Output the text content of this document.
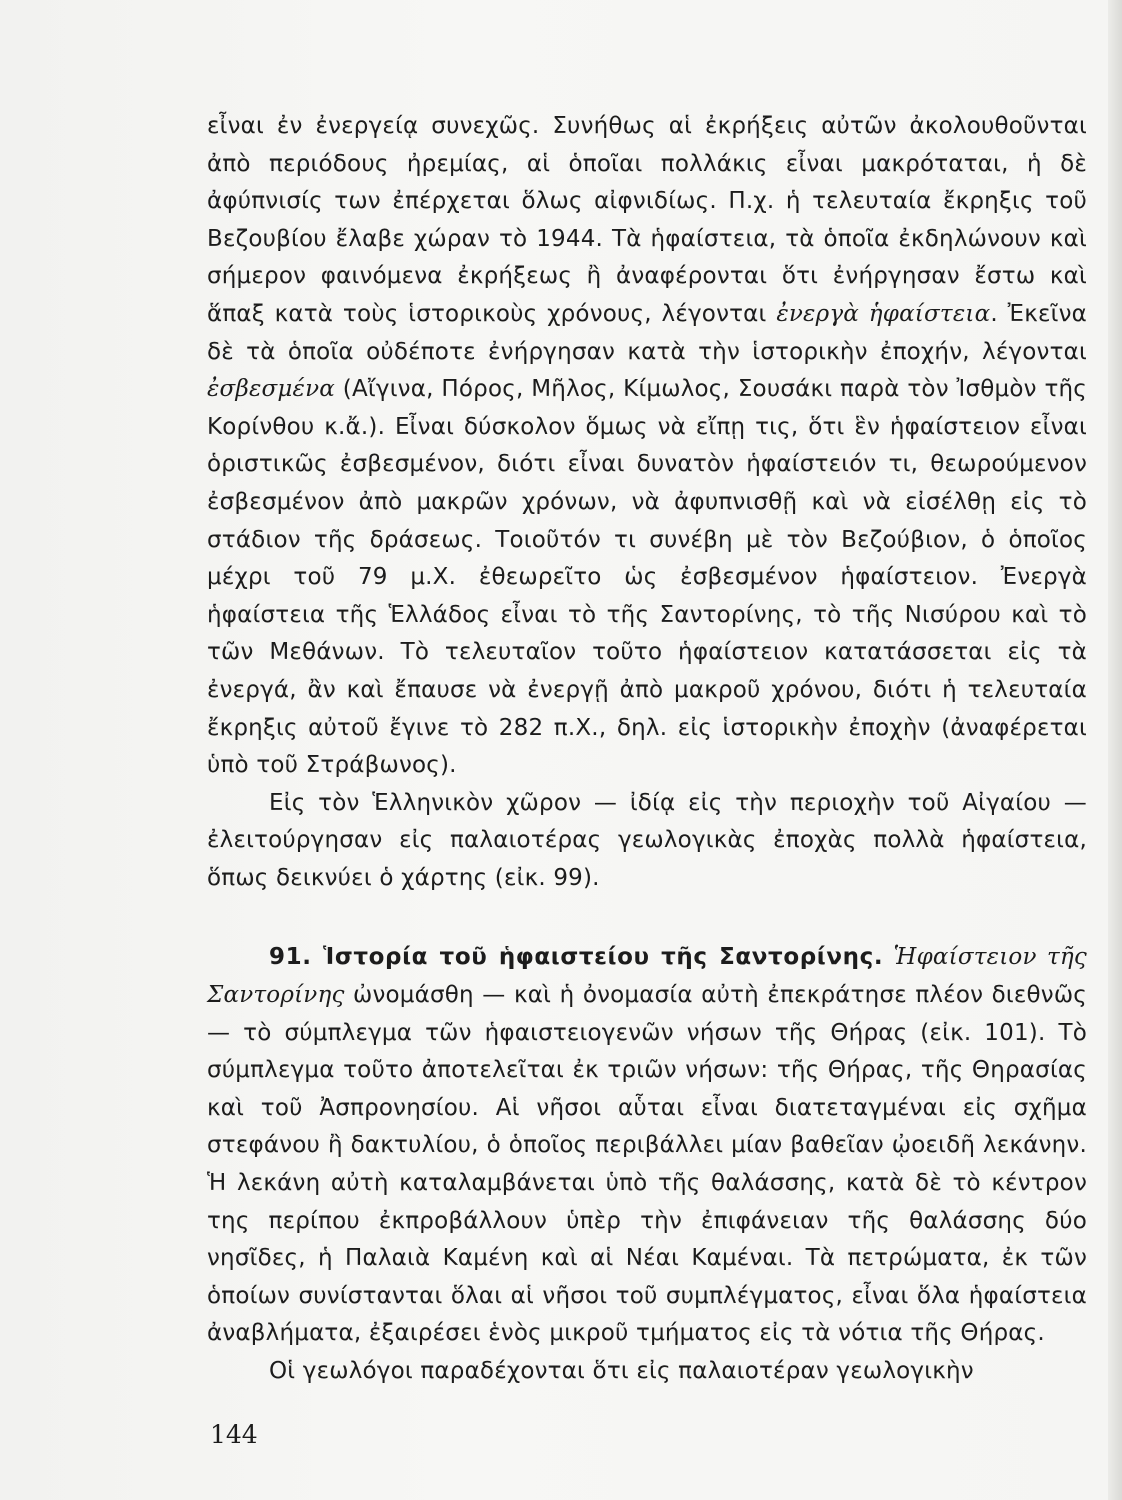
εἶναι ἐν ἐνεργείᾳ συνεχῶς. Συνήθως αἱ ἐκρήξεις αὐτῶν ἀκολουθοῦνται ἀπὸ περιόδους ἠρεμίας, αἱ ὁποῖαι πολλάκις εἶναι μακρόταται, ἡ δὲ ἀφύπνισίς των ἐπέρχεται ὅλως αἰφνιδίως. Π.χ. ἡ τελευταία ἔκρηξις τοῦ Βεζουβίου ἔλαβε χώραν τὸ 1944. Τὰ ἡφαίστεια, τὰ ὁποῖα ἐκδηλώνουν καὶ σήμερον φαινόμενα ἐκρήξεως ἢ ἀναφέρονται ὅτι ἐνήργησαν ἔστω καὶ ἅπαξ κατὰ τοὺς ἱστορικοὺς χρόνους, λέγονται ἐνεργὰ ἡφαίστεια. Ἐκεῖνα δὲ τὰ ὁποῖα οὐδέποτε ἐνήργησαν κατὰ τὴν ἱστορικὴν ἐποχήν, λέγονται ἐσβεσμένα (Αἴγινα, Πόρος, Μῆλος, Κίμωλος, Σουσάκι παρὰ τὸν Ἰσθμὸν τῆς Κορίνθου κ.ἄ.). Εἶναι δύσκολον ὅμως νὰ εἴπῃ τις, ὅτι ἓν ἡφαίστειον εἶναι ὁριστικῶς ἐσβεσμένον, διότι εἶναι δυνατὸν ἡφαίστειόν τι, θεωρούμενον ἐσβεσμένον ἀπὸ μακρῶν χρόνων, νὰ ἀφυπνισθῇ καὶ νὰ εἰσέλθῃ εἰς τὸ στάδιον τῆς δράσεως. Τοιοῦτόν τι συνέβη μὲ τὸν Βεζούβιον, ὁ ὁποῖος μέχρι τοῦ 79 μ.Χ. ἐθεωρεῖτο ὡς ἐσβεσμένον ἡφαίστειον. Ἐνεργὰ ἡφαίστεια τῆς Ἑλλάδος εἶναι τὸ τῆς Σαντορίνης, τὸ τῆς Νισύρου καὶ τὸ τῶν Μεθάνων. Τὸ τελευταῖον τοῦτο ἡφαίστειον κατατάσσεται εἰς τὰ ἐνεργά, ἂν καὶ ἔπαυσε νὰ ἐνεργῇ ἀπὸ μακροῦ χρόνου, διότι ἡ τελευταία ἔκρηξις αὐτοῦ ἔγινε τὸ 282 π.Χ., δηλ. εἰς ἱστορικὴν ἐποχὴν (ἀναφέρεται ὑπὸ τοῦ Στράβωνος).

Εἰς τὸν Ἑλληνικὸν χῶρον — ἰδίᾳ εἰς τὴν περιοχὴν τοῦ Αἰγαίου — ἐλειτούργησαν εἰς παλαιοτέρας γεωλογικὰς ἐποχὰς πολλὰ ἡφαίστεια, ὅπως δεικνύει ὁ χάρτης (εἰκ. 99).

91. Ἱστορία τοῦ ἡφαιστείου τῆς Σαντορίνης. Ἡφαίστειον τῆς Σαντορίνης ὠνομάσθη — καὶ ἡ ὀνομασία αὐτὴ ἐπεκράτησε πλέον διεθνῶς — τὸ σύμπλεγμα τῶν ἡφαιστειογενῶν νήσων τῆς Θήρας (εἰκ. 101). Τὸ σύμπλεγμα τοῦτο ἀποτελεῖται ἐκ τριῶν νήσων: τῆς Θήρας, τῆς Θηρασίας καὶ τοῦ Ἀσπρονησίου. Αἱ νῆσοι αὗται εἶναι διατεταγμέναι εἰς σχῆμα στεφάνου ἢ δακτυλίου, ὁ ὁποῖος περιβάλλει μίαν βαθεῖαν ᾠοειδῆ λεκάνην. Ἡ λεκάνη αὐτὴ καταλαμβάνεται ὑπὸ τῆς θαλάσσης, κατὰ δὲ τὸ κέντρον της περίπου ἐκπροβάλλουν ὑπὲρ τὴν ἐπιφάνειαν τῆς θαλάσσης δύο νησῖδες, ἡ Παλαιὰ Καμένη καὶ αἱ Νέαι Καμέναι. Τὰ πετρώματα, ἐκ τῶν ὁποίων συνίστανται ὅλαι αἱ νῆσοι τοῦ συμπλέγματος, εἶναι ὅλα ἡφαίστεια ἀναβλήματα, ἐξαιρέσει ἑνὸς μικροῦ τμήματος εἰς τὰ νότια τῆς Θήρας.

Οἱ γεωλόγοι παραδέχονται ὅτι εἰς παλαιοτέραν γεωλογικὴν

144
